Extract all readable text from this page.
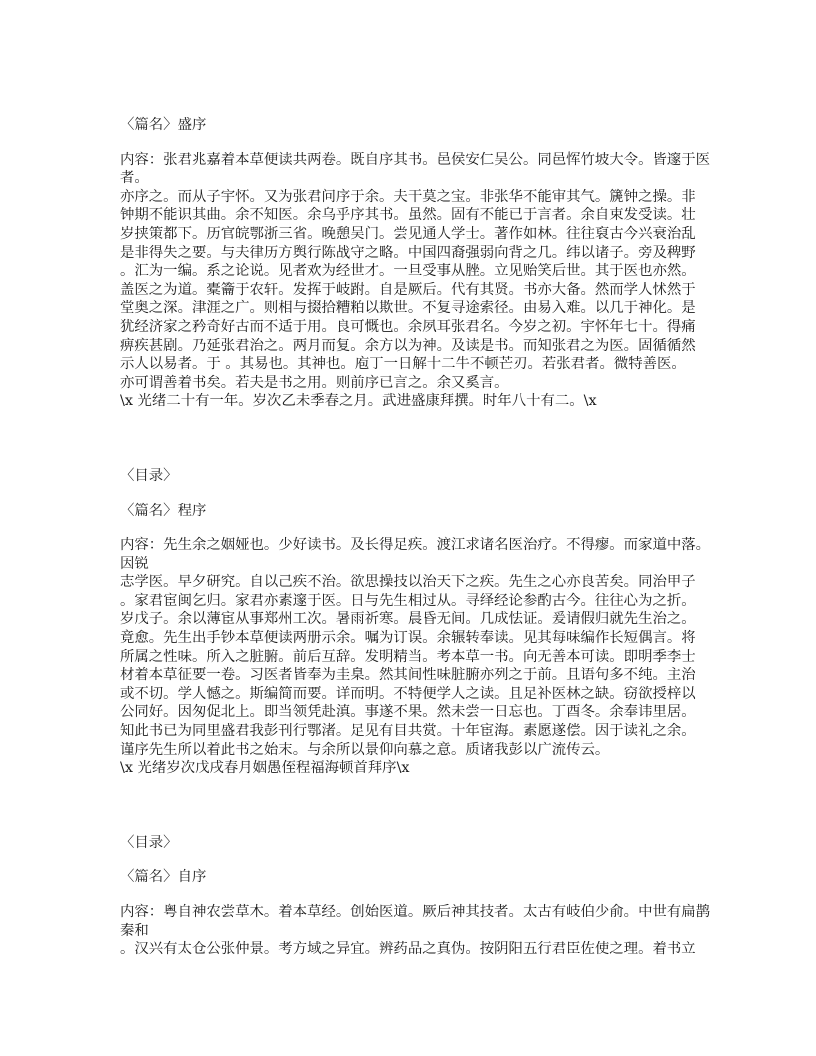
〈篇名〉盛序
内容：张君兆嘉着本草便读共两卷。既自序其书。邑侯安仁吴公。同邑恽竹坡大令。皆邃于医
者。
亦序之。而从子宇怀。又为张君问序于余。夫干莫之宝。非张华不能审其气。篪钟之操。非
钟期不能识其曲。余不知医。余乌乎序其书。虽然。固有不能已于言者。余自束发受读。壮
岁挟策都下。历官皖鄂浙三省。晚憩吴门。尝见通人学士。著作如林。往往裒古今兴衰治乱
是非得失之要。与夫律历方舆行陈战守之略。中国四裔强弱向背之几。纬以诸子。旁及稗野
。汇为一编。系之论说。见者欢为经世才。一旦受事从脞。立见贻笑后世。其于医也亦然。
盖医之为道。橐籥于农轩。发挥于岐跗。自是厥后。代有其贤。书亦大备。然而学人怵然于
堂奥之深。津涯之广。则相与掇拾糟粕以欺世。不复寻途索径。由易入难。以几于神化。是
犹经济家之矜奇好古而不适于用。良可慨也。余夙耳张君名。今岁之初。宇怀年七十。得痛
痹疾甚剧。乃延张君治之。两月而复。余方以为神。及读是书。而知张君之为医。固循循然
示人以易者。于 。其易也。其神也。庖丁一日解十二牛不顿芒刃。若张君者。微特善医。
亦可谓善着书矣。若夫是书之用。则前序已言之。余又奚言。
\x 光绪二十有一年。岁次乙未季春之月。武进盛康拜撰。时年八十有二。\x
〈目录〉
〈篇名〉程序
内容：先生余之姻娅也。少好读书。及长得足疾。渡江求诸名医治疗。不得瘳。而家道中落。
因锐
志学医。早夕研究。自以己疾不治。欲思操技以治天下之疾。先生之心亦良苦矣。同治甲子
。家君宦闽乞归。家君亦素邃于医。日与先生相过从。寻绎经论参酌古今。往往心为之折。
岁戊子。余以薄宦从事郑州工次。暑雨祈寒。晨昏无间。几成怯证。爰请假归就先生治之。
竟愈。先生出手钞本草便读两册示余。嘱为订误。余辗转奉读。见其每味编作长短偶言。将
所属之性味。所入之脏腑。前后互辞。发明精当。考本草一书。向无善本可读。即明季李士
材着本草征要一卷。习医者皆奉为圭臬。然其间性味脏腑亦列之于前。且语句多不纯。主治
或不切。学人憾之。斯编简而要。详而明。不特便学人之读。且足补医林之缺。窃欲授梓以
公同好。因匆促北上。即当领凭赴滇。事遂不果。然未尝一日忘也。丁酉冬。余奉讳里居。
知此书已为同里盛君我彭刊行鄂渚。足见有目共赏。十年宦海。素愿遂偿。因于读礼之余。
谨序先生所以着此书之始末。与余所以景仰向慕之意。质诸我彭以广流传云。
\x 光绪岁次戊戌春月姻愚侄程福海顿首拜序\x
〈目录〉
〈篇名〉自序
内容：粤自神农尝草木。着本草经。创始医道。厥后神其技者。太古有岐伯少俞。中世有扁鹊
秦和
。汉兴有太仓公张仲景。考方域之异宜。辨药品之真伪。按阴阳五行君臣佐使之理。着书立
